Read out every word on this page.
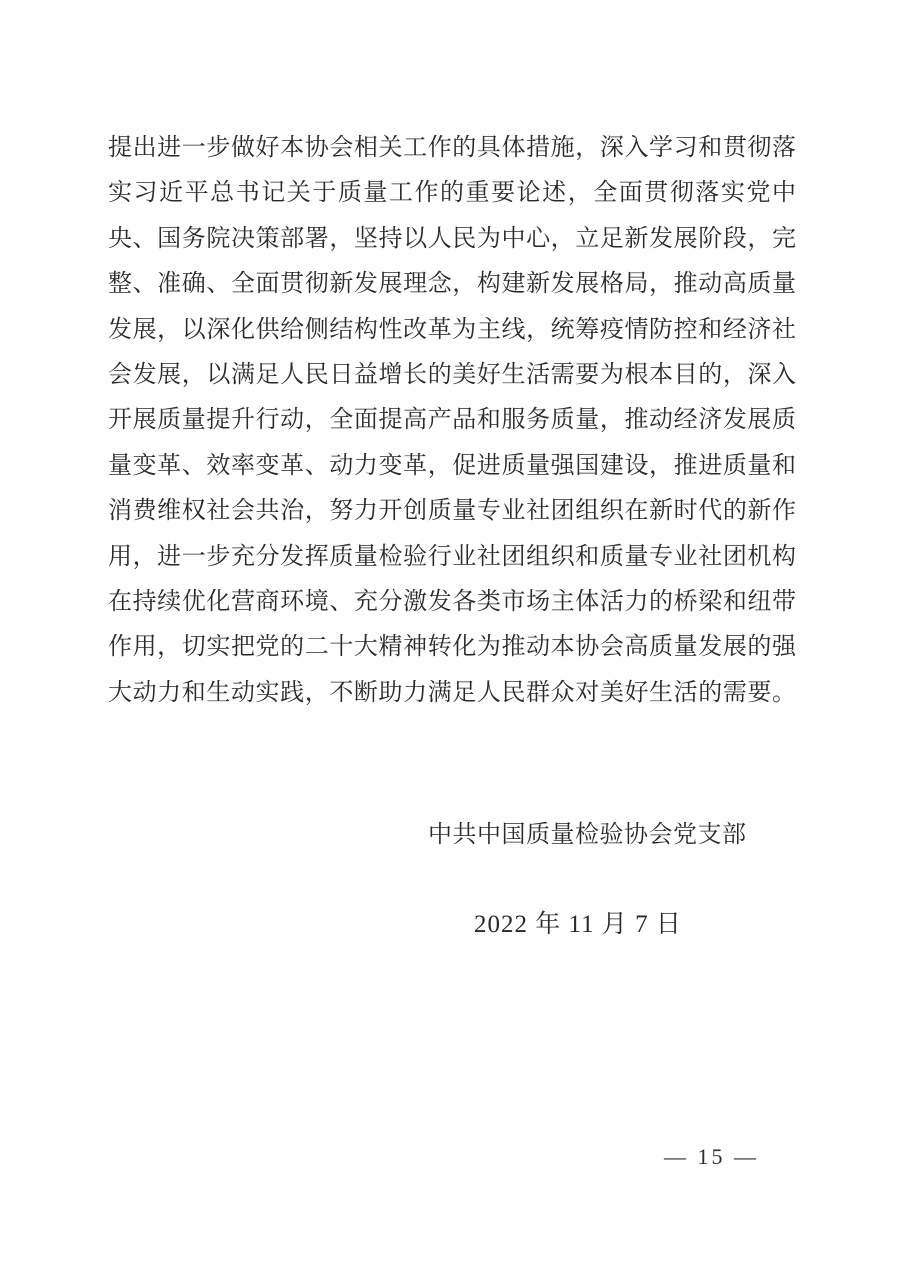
提出进一步做好本协会相关工作的具体措施，深入学习和贯彻落

实习近平总书记关于质量工作的重要论述，全面贯彻落实党中

央、国务院决策部署，坚持以人民为中心，立足新发展阶段，完

整、准确、全面贯彻新发展理念，构建新发展格局，推动高质量

发展，以深化供给侧结构性改革为主线，统筹疫情防控和经济社

会发展，以满足人民日益增长的美好生活需要为根本目的，深入

开展质量提升行动，全面提高产品和服务质量，推动经济发展质

量变革、效率变革、动力变革，促进质量强国建设，推进质量和

消费维权社会共治，努力开创质量专业社团组织在新时代的新作

用，进一步充分发挥质量检验行业社团组织和质量专业社团机构

在持续优化营商环境、充分激发各类市场主体活力的桥梁和纽带

作用，切实把党的二十大精神转化为推动本协会高质量发展的强

大动力和生动实践，不断助力满足人民群众对美好生活的需要。

中共中国质量检验协会党支部
2022 年 11 月 7 日
— 15 —
